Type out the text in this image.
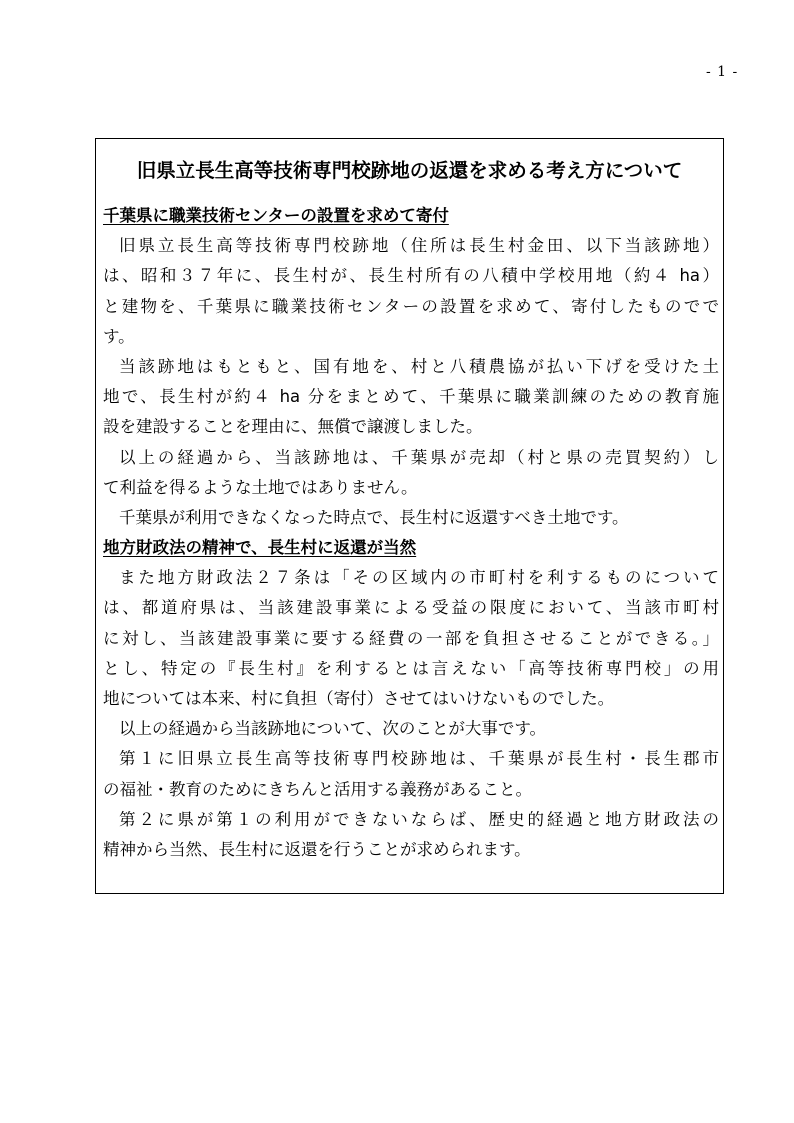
- 1 -
旧県立長生高等技術専門校跡地の返還を求める考え方について
千葉県に職業技術センターの設置を求めて寄付
旧県立長生高等技術専門校跡地（住所は長生村金田、以下当該跡地）
は、昭和３７年に、長生村が、長生村所有の八積中学校用地（約４ ha）
と建物を、千葉県に職業技術センターの設置を求めて、寄付したものでで
す。
当該跡地はもともと、国有地を、村と八積農協が払い下げを受けた土
地で、長生村が約４ ha 分をまとめて、千葉県に職業訓練のための教育施
設を建設することを理由に、無償で譲渡しました。
以上の経過から、当該跡地は、千葉県が売却（村と県の売買契約）し
て利益を得るような土地ではありません。
千葉県が利用できなくなった時点で、長生村に返還すべき土地です。
地方財政法の精神で、長生村に返還が当然
また地方財政法２７条は「その区域内の市町村を利するものについて
は、都道府県は、当該建設事業による受益の限度において、当該市町村
に対し、当該建設事業に要する経費の一部を負担させることができる。」
とし、特定の『長生村』を利するとは言えない「高等技術専門校」の用
地については本来、村に負担（寄付）させてはいけないものでした。
以上の経過から当該跡地について、次のことが大事です。
第１に旧県立長生高等技術専門校跡地は、千葉県が長生村・長生郡市
の福祉・教育のためにきちんと活用する義務があること。
第２に県が第１の利用ができないならば、歴史的経過と地方財政法の
精神から当然、長生村に返還を行うことが求められます。
